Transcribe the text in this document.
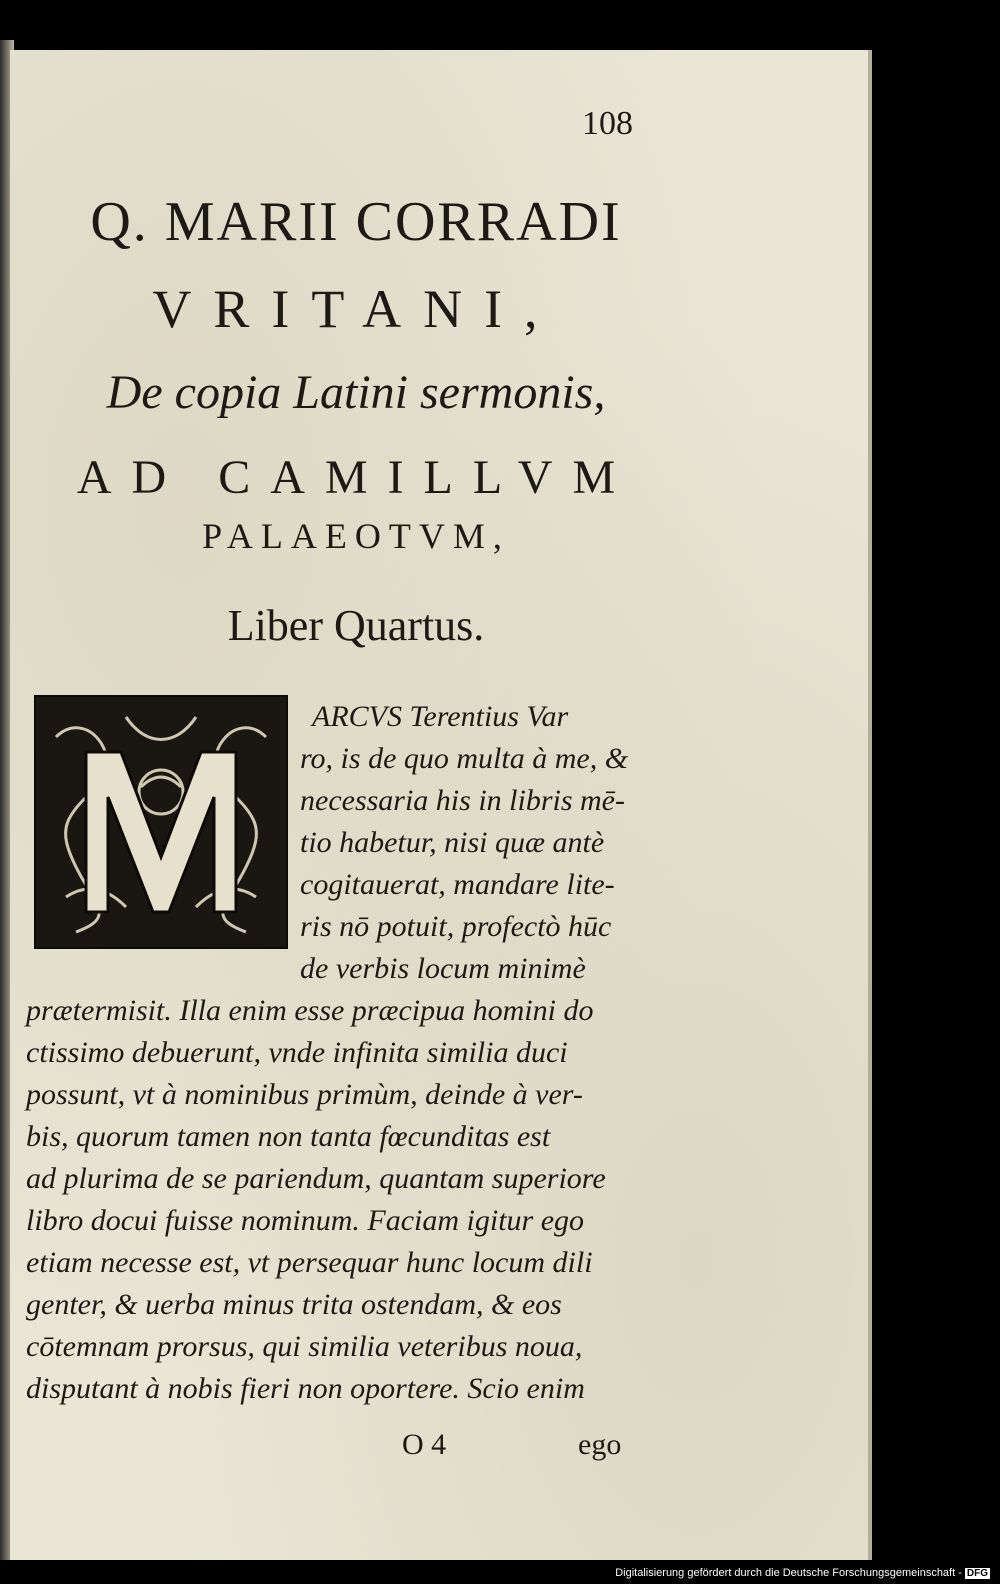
108
Q. MARII CORRADI
VRITANI,
De copia Latini sermonis,
AD CAMILLVM
PALAEOTVM,
Liber Quartus.
ARCVS Terentius Var
ro, is de quo multa à me, &
necessaria his in libris mē-
tio habetur, nisi quæ antè
cogitauerat, mandare lite-
ris nō potuit, profectò hūc
de verbis locum minimè
prætermisit. Illa enim esse præcipua homini do
ctissimo debuerunt, vnde infinita similia duci
possunt, vt à nominibus primùm, deinde à ver-
bis, quorum tamen non tanta fœcunditas est
ad plurima de se pariendum, quantam superiore
libro docui fuisse nominum. Faciam igitur ego
etiam necesse est, vt persequar hunc locum dili
genter, & uerba minus trita ostendam, & eos
cōtemnam prorsus, qui similia veteribus noua,
disputant à nobis fieri non oportere. Scio enim
O 4	ego
Digitalisierung gefördert durch die Deutsche Forschungsgemeinschaft - DFG
